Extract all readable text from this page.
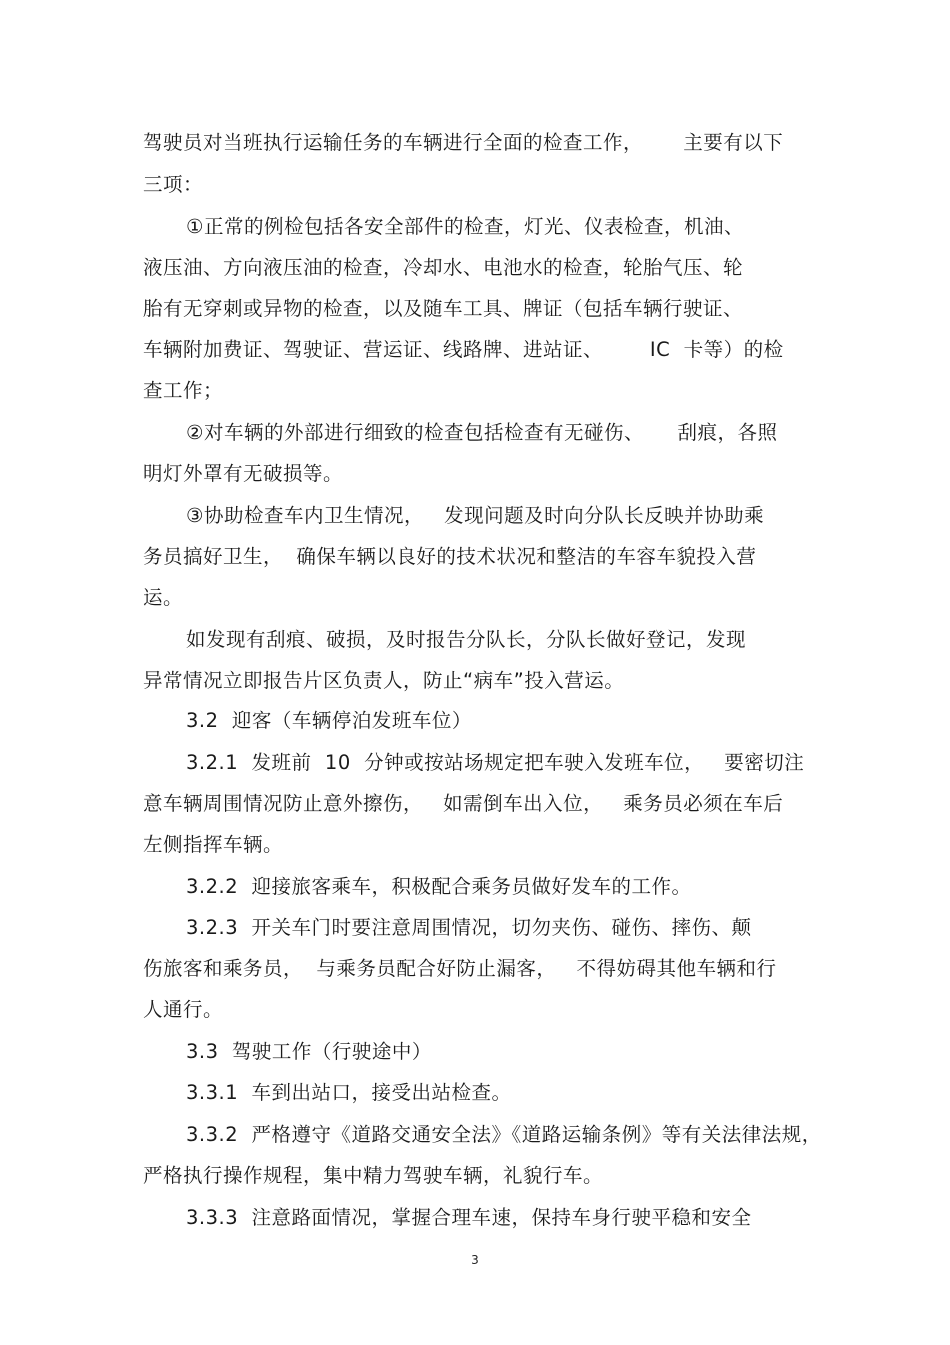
驾驶员对当班执行运输任务的车辆进行全面的检查工作，      主要有以下
三项：
①正常的例检包括各安全部件的检查，灯光、仪表检查，机油、
液压油、方向液压油的检查，冷却水、电池水的检查，轮胎气压、轮
胎有无穿刺或异物的检查，以及随车工具、牌证（包括车辆行驶证、
车辆附加费证、驾驶证、营运证、线路牌、进站证、       IC  卡等）的检
查工作；
②对车辆的外部进行细致的检查包括检查有无碰伤、     刮痕，各照
明灯外罩有无破损等。
③协助检查车内卫生情况，   发现问题及时向分队长反映并协助乘
务员搞好卫生，  确保车辆以良好的技术状况和整洁的车容车貌投入营
运。
如发现有刮痕、破损，及时报告分队长，分队长做好登记，发现
异常情况立即报告片区负责人，防止“病车”投入营运。
3.2  迎客（车辆停泊发班车位）
3.2.1  发班前  10  分钟或按站场规定把车驶入发班车位，   要密切注
意车辆周围情况防止意外擦伤，   如需倒车出入位，   乘务员必须在车后
左侧指挥车辆。
3.2.2  迎接旅客乘车，积极配合乘务员做好发车的工作。
3.2.3  开关车门时要注意周围情况，切勿夹伤、碰伤、摔伤、颠
伤旅客和乘务员，  与乘务员配合好防止漏客，   不得妨碍其他车辆和行
人通行。
3.3  驾驶工作（行驶途中）
3.3.1  车到出站口，接受出站检查。
3.3.2  严格遵守《道路交通安全法》《道路运输条例》等有关法律法规，
严格执行操作规程，集中精力驾驶车辆，礼貌行车。
3.3.3  注意路面情况，掌握合理车速，保持车身行驶平稳和安全
3
